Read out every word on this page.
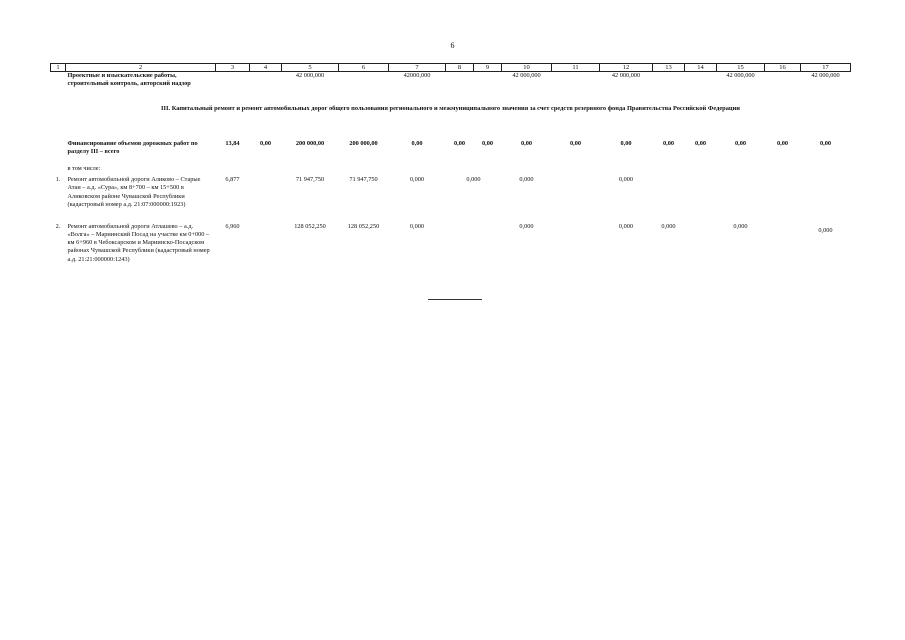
6
1	2	3	4	5	6	7	8	9	10	11	12	13	14	15	16	17
	Проектные и изыскательские работы, строительный контроль, авторский надзор			42 000,000		42000,000			42 000,000		42 000,000			42 000,000		42 000,000
III. Капитальный ремонт и ремонт автомобильных дорог общего пользования регионального и межмуниципального значения за счет средств резервного фонда Правительства Российской Федерации																
	Финансирование объемов дорожных работ по разделу III – всего	13,84	0,00	200 000,00	200 000,00	0,00	0,00	0,00	0,00	0,00	0,00	0,00	0,00	0,00	0,00	0,00
	в том числе:															
1.	Ремонт автомобильной дороги Аликово – Старые Атаи – а.д. «Сура», км 8+700 – км 15+500 в Аликовском районе Чувашской Республики (кадастровый номер а.д. 21:07:000000:1923)	6,877		71 947,750	71 947,750	0,000	0,000		0,000		0,000					

2.	Ремонт автомобильной дороги Атлашево – а.д. «Волга» – Мариинский Посад на участке км 0+000 – км 6+960 в Чебоксарском и Мариинско-Посадском районах Чувашской Республики (кадастровый номер а.д. 21:21:000000:1243)	6,960		128 052,250	128 052,250	0,000			0,000		0,000	0,000		0,000		0,000
